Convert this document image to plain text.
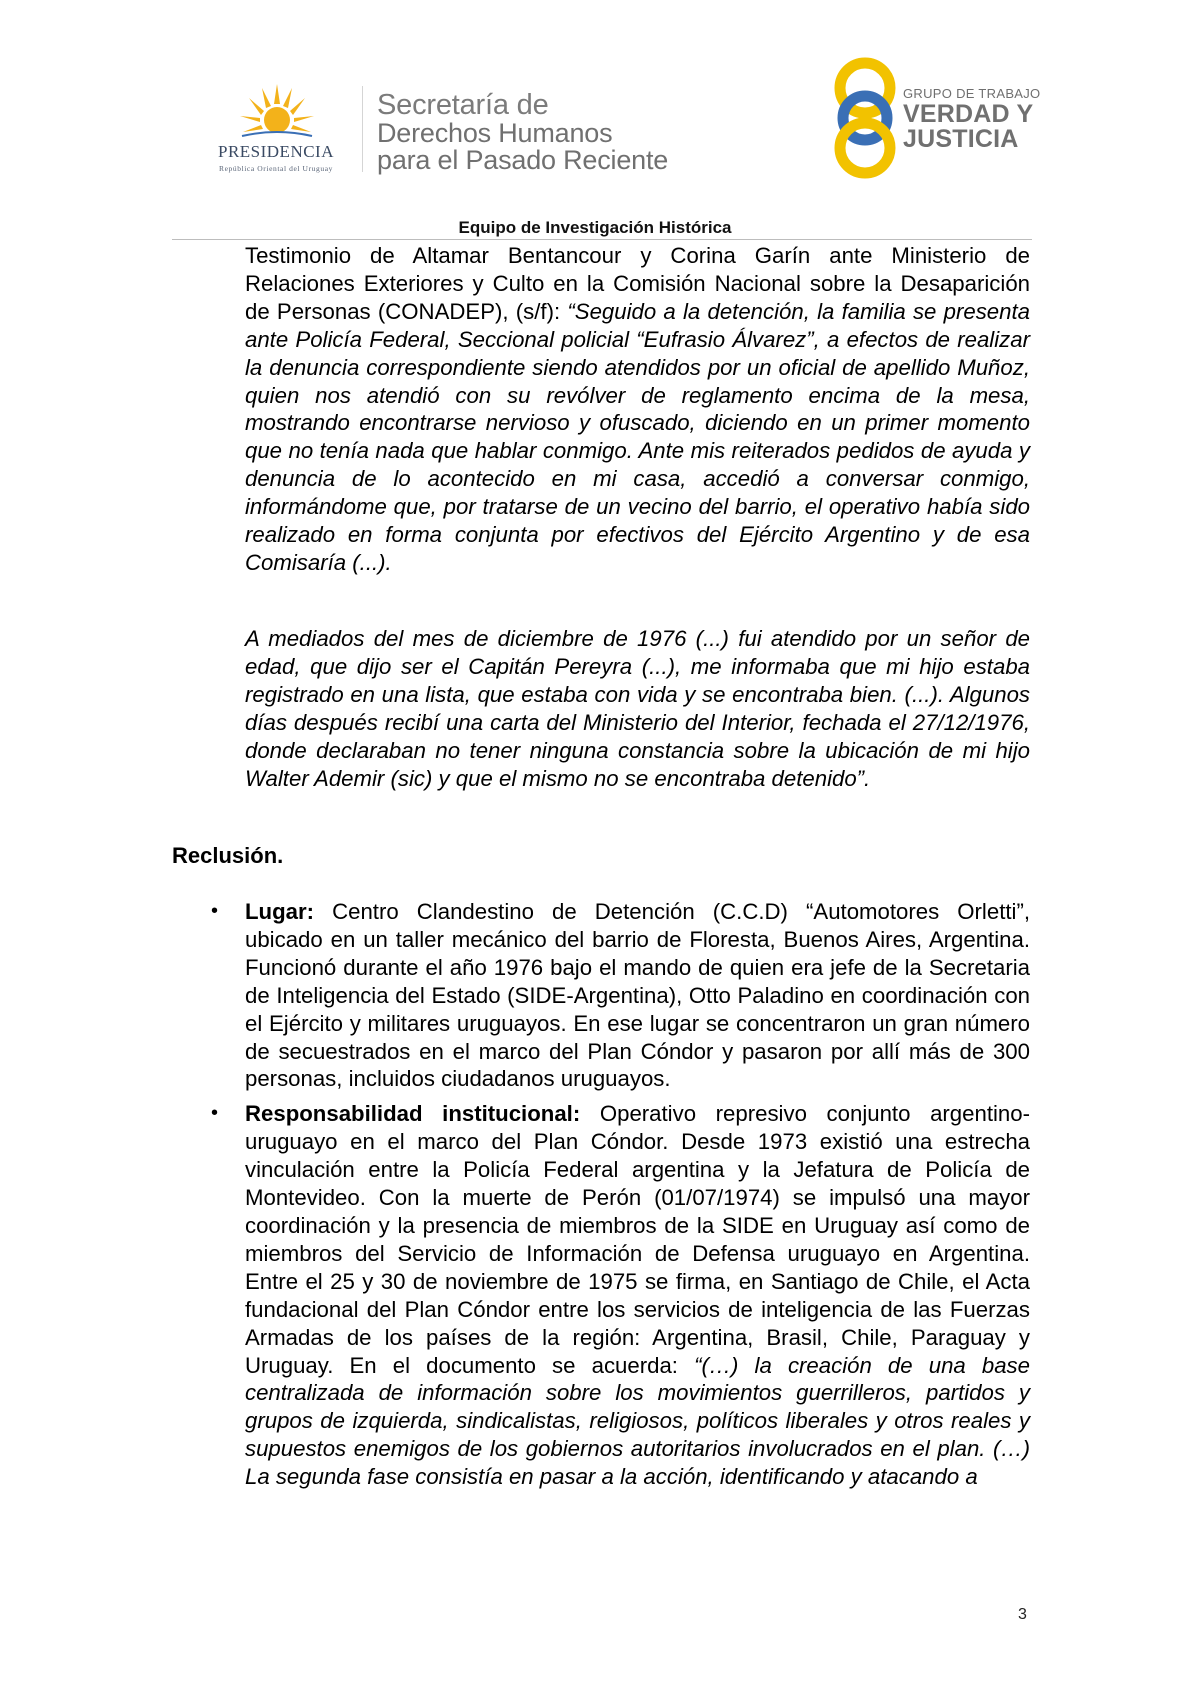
PRESIDENCIA
República Oriental del Uruguay
Secretaría de
Derechos Humanos
para el Pasado Reciente
GRUPO DE TRABAJO
VERDAD Y
JUSTICIA
Equipo de Investigación Histórica

Testimonio de Altamar Bentancour y Corina Garín ante Ministerio de Relaciones Exteriores y Culto en la Comisión Nacional sobre la Desaparición de Personas (CONADEP), (s/f): “Seguido a la detención, la familia se presenta ante Policía Federal, Seccional policial “Eufrasio Álvarez”, a efectos de realizar la denuncia correspondiente siendo atendidos por un oficial de apellido Muñoz, quien nos atendió con su revólver de reglamento encima de la mesa, mostrando encontrarse nervioso y ofuscado, diciendo en un primer momento que no tenía nada que hablar conmigo. Ante mis reiterados pedidos de ayuda y denuncia de lo acontecido en mi casa, accedió a conversar conmigo, informándome que, por tratarse de un vecino del barrio, el operativo había sido realizado en forma conjunta por efectivos del Ejército Argentino y de esa Comisaría (...).

A mediados del mes de diciembre de 1976 (...) fui atendido por un señor de edad, que dijo ser el Capitán Pereyra (...), me informaba que mi hijo estaba registrado en una lista, que estaba con vida y se encontraba bien. (...). Algunos días después recibí una carta del Ministerio del Interior, fechada el 27/12/1976, donde declaraban no tener ninguna constancia sobre la ubicación de mi hijo Walter Ademir (sic) y que el mismo no se encontraba detenido”.

Reclusión.
• Lugar: Centro Clandestino de Detención (C.C.D) “Automotores Orletti”, ubicado en un taller mecánico del barrio de Floresta, Buenos Aires, Argentina. Funcionó durante el año 1976 bajo el mando de quien era jefe de la Secretaria de Inteligencia del Estado (SIDE-Argentina), Otto Paladino en coordinación con el Ejército y militares uruguayos. En ese lugar se concentraron un gran número de secuestrados en el marco del Plan Cóndor y pasaron por allí más de 300 personas, incluidos ciudadanos uruguayos.
• Responsabilidad institucional: Operativo represivo conjunto argentino-uruguayo en el marco del Plan Cóndor. Desde 1973 existió una estrecha vinculación entre la Policía Federal argentina y la Jefatura de Policía de Montevideo. Con la muerte de Perón (01/07/1974) se impulsó una mayor coordinación y la presencia de miembros de la SIDE en Uruguay así como de miembros del Servicio de Información de Defensa uruguayo en Argentina. Entre el 25 y 30 de noviembre de 1975 se firma, en Santiago de Chile, el Acta fundacional del Plan Cóndor entre los servicios de inteligencia de las Fuerzas Armadas de los países de la región: Argentina, Brasil, Chile, Paraguay y Uruguay. En el documento se acuerda: “(…) la creación de una base centralizada de información sobre los movimientos guerrilleros, partidos y grupos de izquierda, sindicalistas, religiosos, políticos liberales y otros reales y supuestos enemigos de los gobiernos autoritarios involucrados en el plan. (…) La segunda fase consistía en pasar a la acción, identificando y atacando a
3
